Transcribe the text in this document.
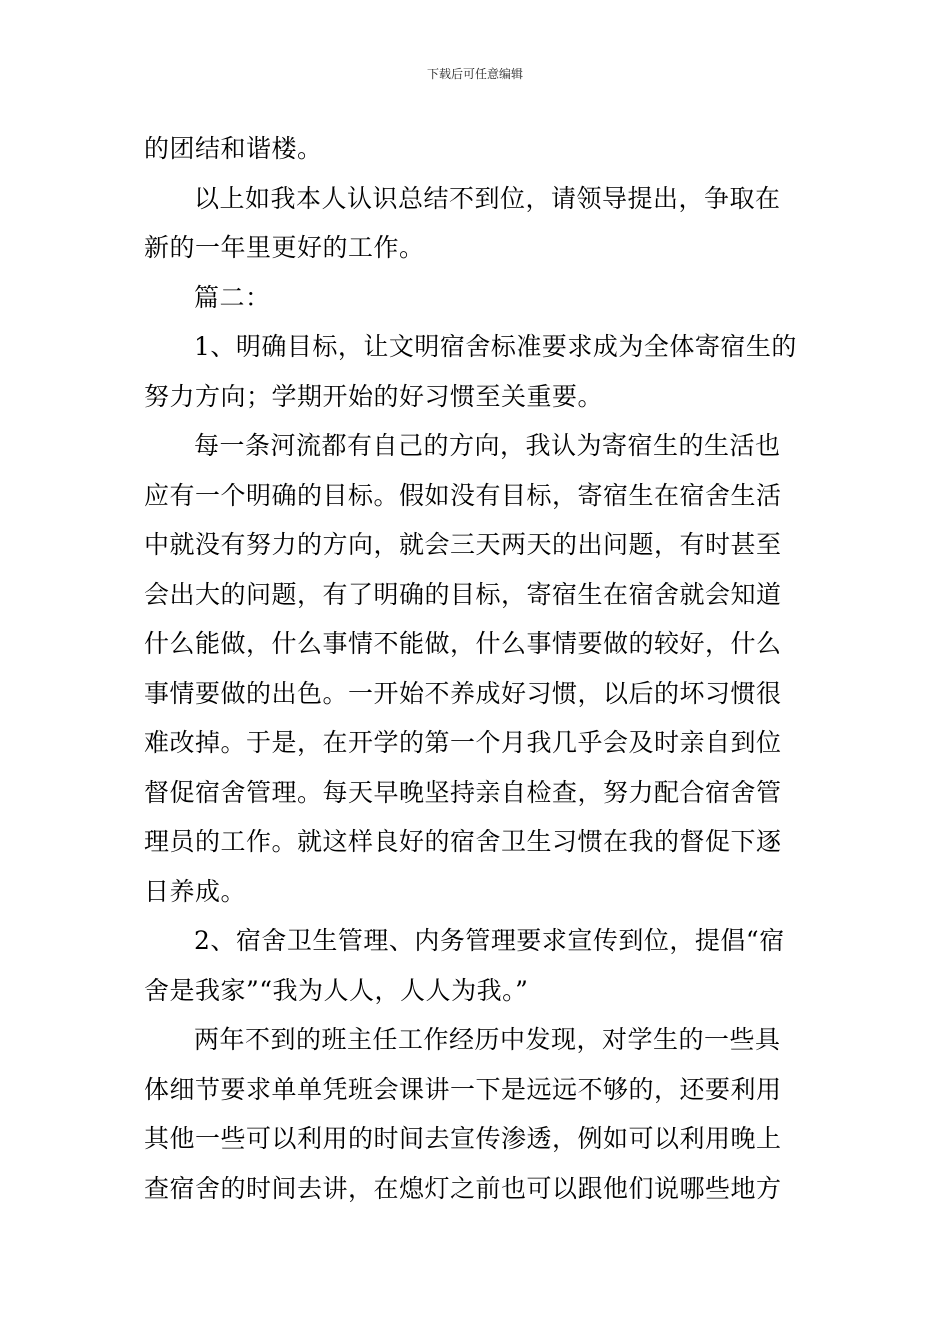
下载后可任意编辑

的团结和谐楼。

以上如我本人认识总结不到位，请领导提出，争取在

新的一年里更好的工作。

篇二：

1、明确目标，让文明宿舍标准要求成为全体寄宿生的

努力方向；学期开始的好习惯至关重要。

每一条河流都有自己的方向，我认为寄宿生的生活也

应有一个明确的目标。假如没有目标，寄宿生在宿舍生活

中就没有努力的方向，就会三天两天的出问题，有时甚至

会出大的问题，有了明确的目标，寄宿生在宿舍就会知道

什么能做，什么事情不能做，什么事情要做的较好，什么

事情要做的出色。一开始不养成好习惯，以后的坏习惯很

难改掉。于是，在开学的第一个月我几乎会及时亲自到位

督促宿舍管理。每天早晚坚持亲自检查，努力配合宿舍管

理员的工作。就这样良好的宿舍卫生习惯在我的督促下逐

日养成。

2、宿舍卫生管理、内务管理要求宣传到位，提倡“宿

舍是我家”“我为人人，人人为我。”

两年不到的班主任工作经历中发现，对学生的一些具

体细节要求单单凭班会课讲一下是远远不够的，还要利用

其他一些可以利用的时间去宣传渗透，例如可以利用晚上

查宿舍的时间去讲，在熄灯之前也可以跟他们说哪些地方
